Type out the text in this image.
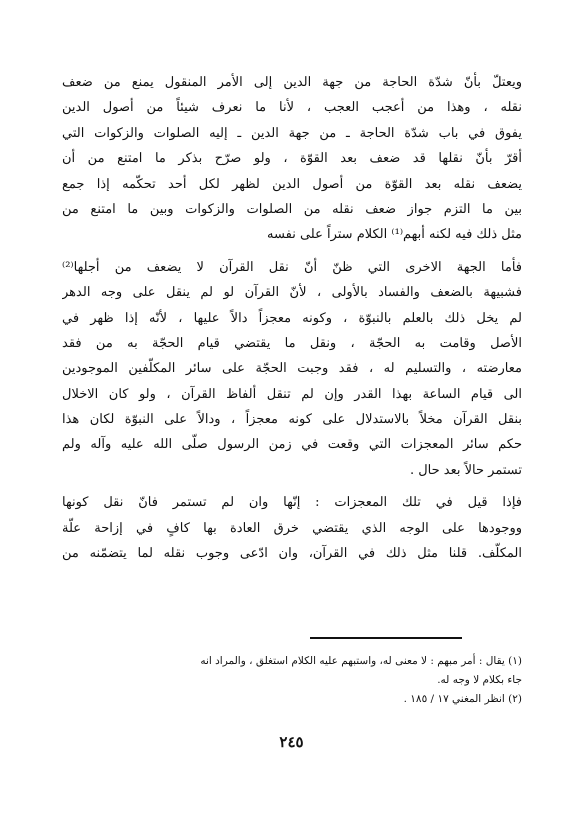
ويعتلّ بأنّ شدّة الحاجة من جهة الدين إلى الأمر المنقول يمنع من ضعف
نقله ، وهذا من أعجب العجب ، لأنا ما نعرف شيئاً من أصول الدين
يفوق في باب شدّة الحاجة ـ من جهة الدين ـ إليه الصلوات والزكوات التي
أقرّ بأنّ نقلها قد ضعف بعد القوّة ، ولو صرّح بذكر ما امتنع من أن
يضعف نقله بعد القوّة من أصول الدين لظهر لكل أحد تحكّمه إذا جمع
بين ما التزم جواز ضعف نقله من الصلوات والزكوات وبين ما امتنع من
مثل ذلك فيه لكنه أبهم⁽¹⁾ الكلام ستراً على نفسه
فأما الجهة الاخرى التي ظنّ أنّ نقل القرآن لا يضعف من أجلها⁽²⁾
فشبيهة بالضعف والفساد بالأولى ، لأنّ القرآن لو لم ينقل على وجه الدهر
لم يخل ذلك بالعلم بالنبوّة ، وكونه معجزاً دالاً عليها ، لأنّه إذا ظهر في
الأصل وقامت به الحجّة ، ونقل ما يقتضي قيام الحجّة به من فقد
معارضته ، والتسليم له ، فقد وجبت الحجّة على سائر المكلّفين الموجودين
الى قيام الساعة بهذا القدر وإن لم تنقل ألفاظ القرآن ، ولو كان الاخلال
بنقل القرآن مخلاً بالاستدلال على كونه معجزاً ، ودالاً على النبوّة لكان هذا
حكم سائر المعجزات التي وقعت في زمن الرسول صلّى الله عليه وآله ولم
تستمر حالاً بعد حال .
فإذا قيل في تلك المعجزات : إنّها وان لم تستمر فانّ نقل كونها
ووجودها على الوجه الذي يقتضي خرق العادة بها كافٍ في إزاحة علّة
المكلّف. قلنا مثل ذلك في القرآن، وان ادّعى وجوب نقله لما يتضمّنه من
(١) يقال : أمر مبهم : لا معنى له، واستبهم عليه الكلام استغلق ، والمراد انه
جاء بكلام لا وجه له.
(٢) انظر المغني ١٧ / ١٨٥ .
٢٤٥
